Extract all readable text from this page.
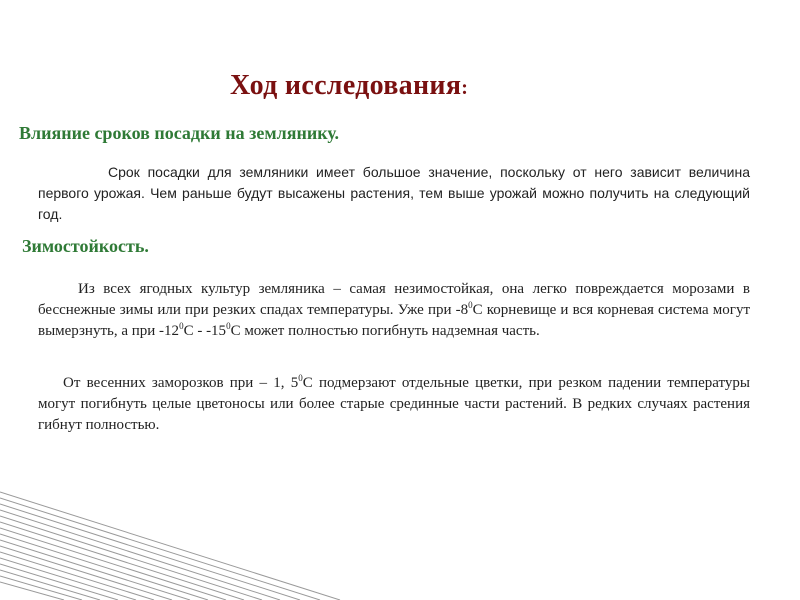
Ход исследования:
Влияние сроков посадки на землянику.
Срок посадки для земляники имеет большое значение, поскольку от него зависит величина первого урожая. Чем раньше будут высажены растения, тем выше урожай можно получить на следующий год.
Зимостойкость.
Из всех ягодных культур земляника – самая незимостойкая, она легко повреждается морозами в бесснежные зимы или при резких спадах температуры. Уже при $-8^0С$ корневище и вся корневая система могут вымерзнуть, а при $-12^0С - -15^0С$ может полностью погибнуть надземная часть.
От весенних заморозков при – 1, $5^0С$ подмерзают отдельные цветки, при резком падении температуры могут погибнуть целые цветоносы или более старые срединные части растений. В редких случаях растения гибнут полностью.
